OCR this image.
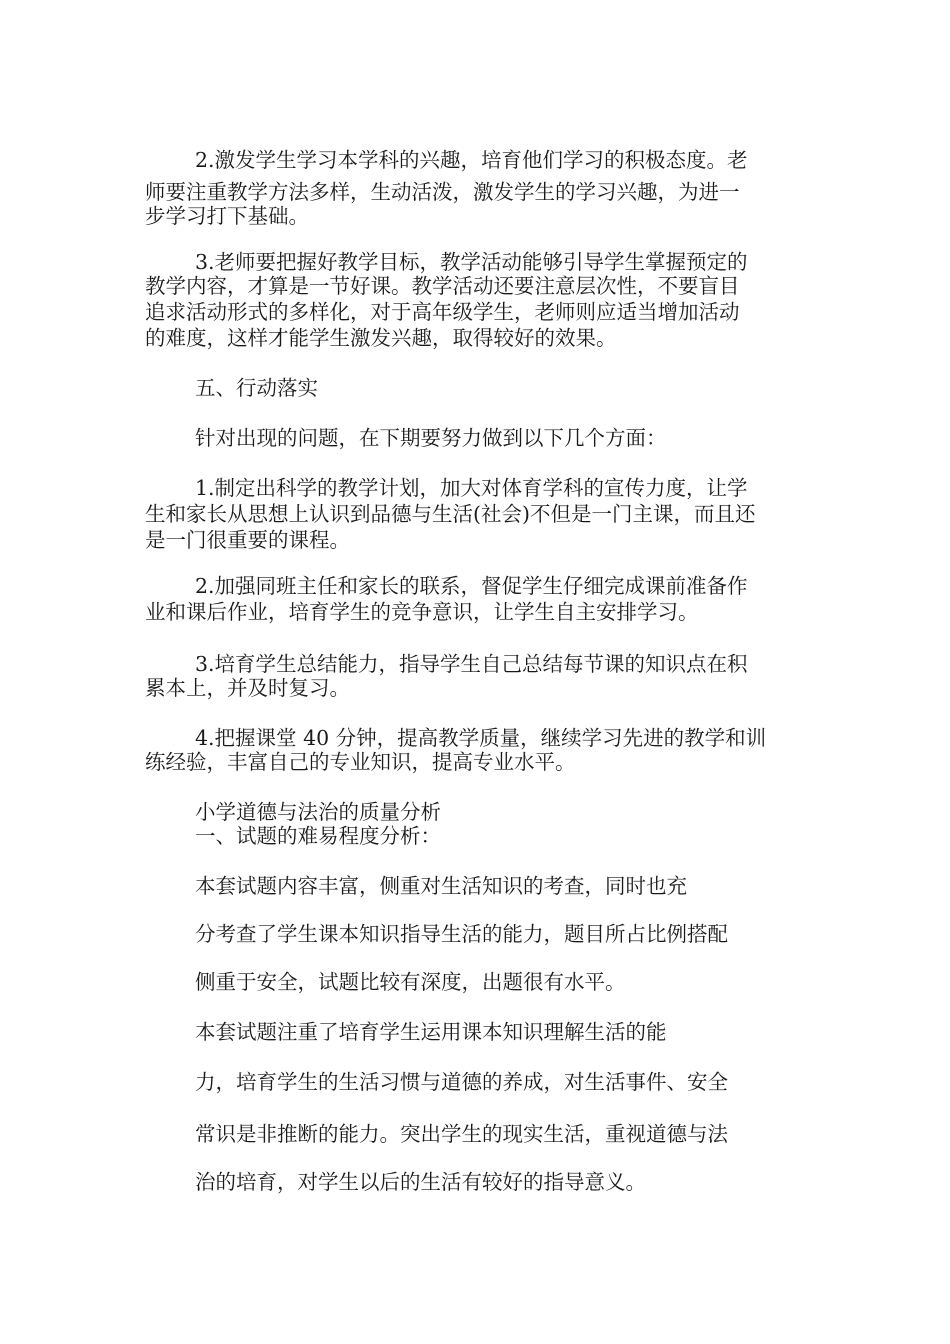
2.激发学生学习本学科的兴趣，培育他们学习的积极态度。老

师要注重教学方法多样，生动活泼，激发学生的学习兴趣，为进一

步学习打下基础。

3.老师要把握好教学目标，教学活动能够引导学生掌握预定的

教学内容，才算是一节好课。教学活动还要注意层次性，不要盲目

追求活动形式的多样化，对于高年级学生，老师则应适当增加活动

的难度，这样才能学生激发兴趣，取得较好的效果。

五、行动落实

针对出现的问题，在下期要努力做到以下几个方面：

1.制定出科学的教学计划，加大对体育学科的宣传力度，让学

生和家长从思想上认识到品德与生活(社会)不但是一门主课，而且还

是一门很重要的课程。

2.加强同班主任和家长的联系，督促学生仔细完成课前准备作

业和课后作业，培育学生的竞争意识，让学生自主安排学习。

3.培育学生总结能力，指导学生自己总结每节课的知识点在积

累本上，并及时复习。

4.把握课堂 40 分钟，提高教学质量，继续学习先进的教学和训

练经验，丰富自己的专业知识，提高专业水平。

小学道德与法治的质量分析

一、试题的难易程度分析：

本套试题内容丰富，侧重对生活知识的考查，同时也充

分考查了学生课本知识指导生活的能力，题目所占比例搭配

侧重于安全，试题比较有深度，出题很有水平。

本套试题注重了培育学生运用课本知识理解生活的能

力，培育学生的生活习惯与道德的养成，对生活事件、安全

常识是非推断的能力。突出学生的现实生活，重视道德与法

治的培育，对学生以后的生活有较好的指导意义。
